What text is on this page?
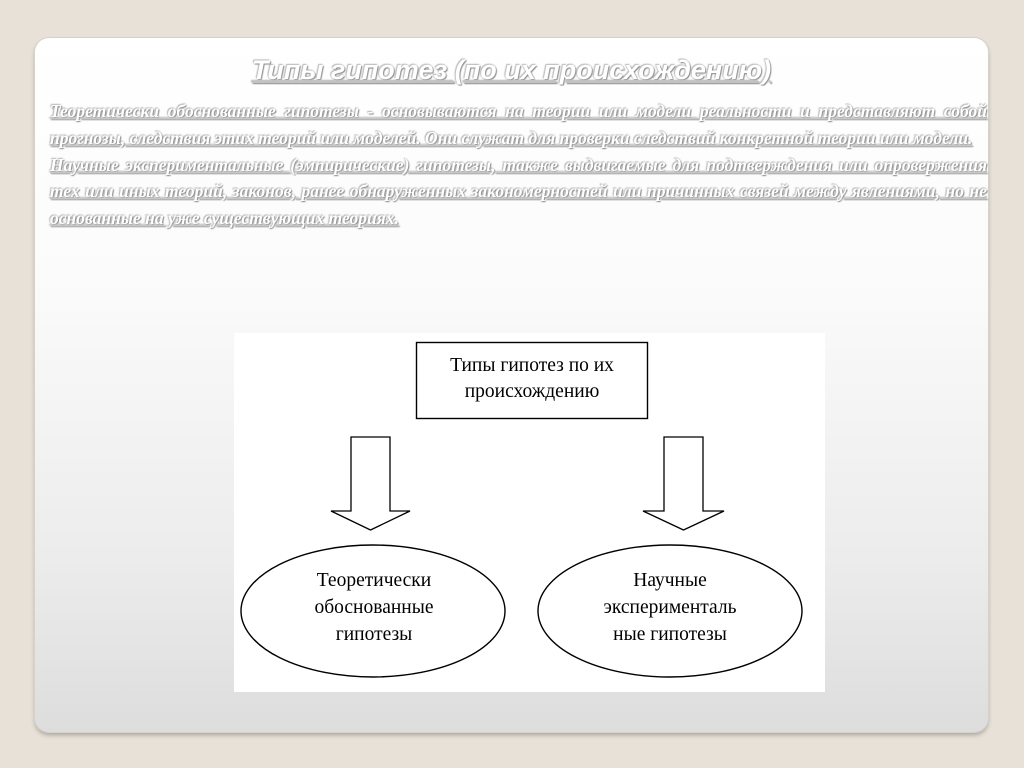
Типы гипотез (по их происхождению)

Теоретически обоснованные гипотезы - основываются на теории или модели реальности и представляют собой прогнозы, следствия этих теорий или моделей. Они служат для проверки следствий конкретной теории или модели.

Научные экспериментальные (эмпирические) гипотезы, также выдвигаемые для подтверждения или опровержения тех или иных теорий, законов, ранее обнаруженных закономерностей или причинных связей между явлениями, но не основанные на уже существующих теориях.

Типы гипотез по их
происхождению
Теоретически
обоснованные
гипотезы
Научные
эксперименталь
ные гипотезы
